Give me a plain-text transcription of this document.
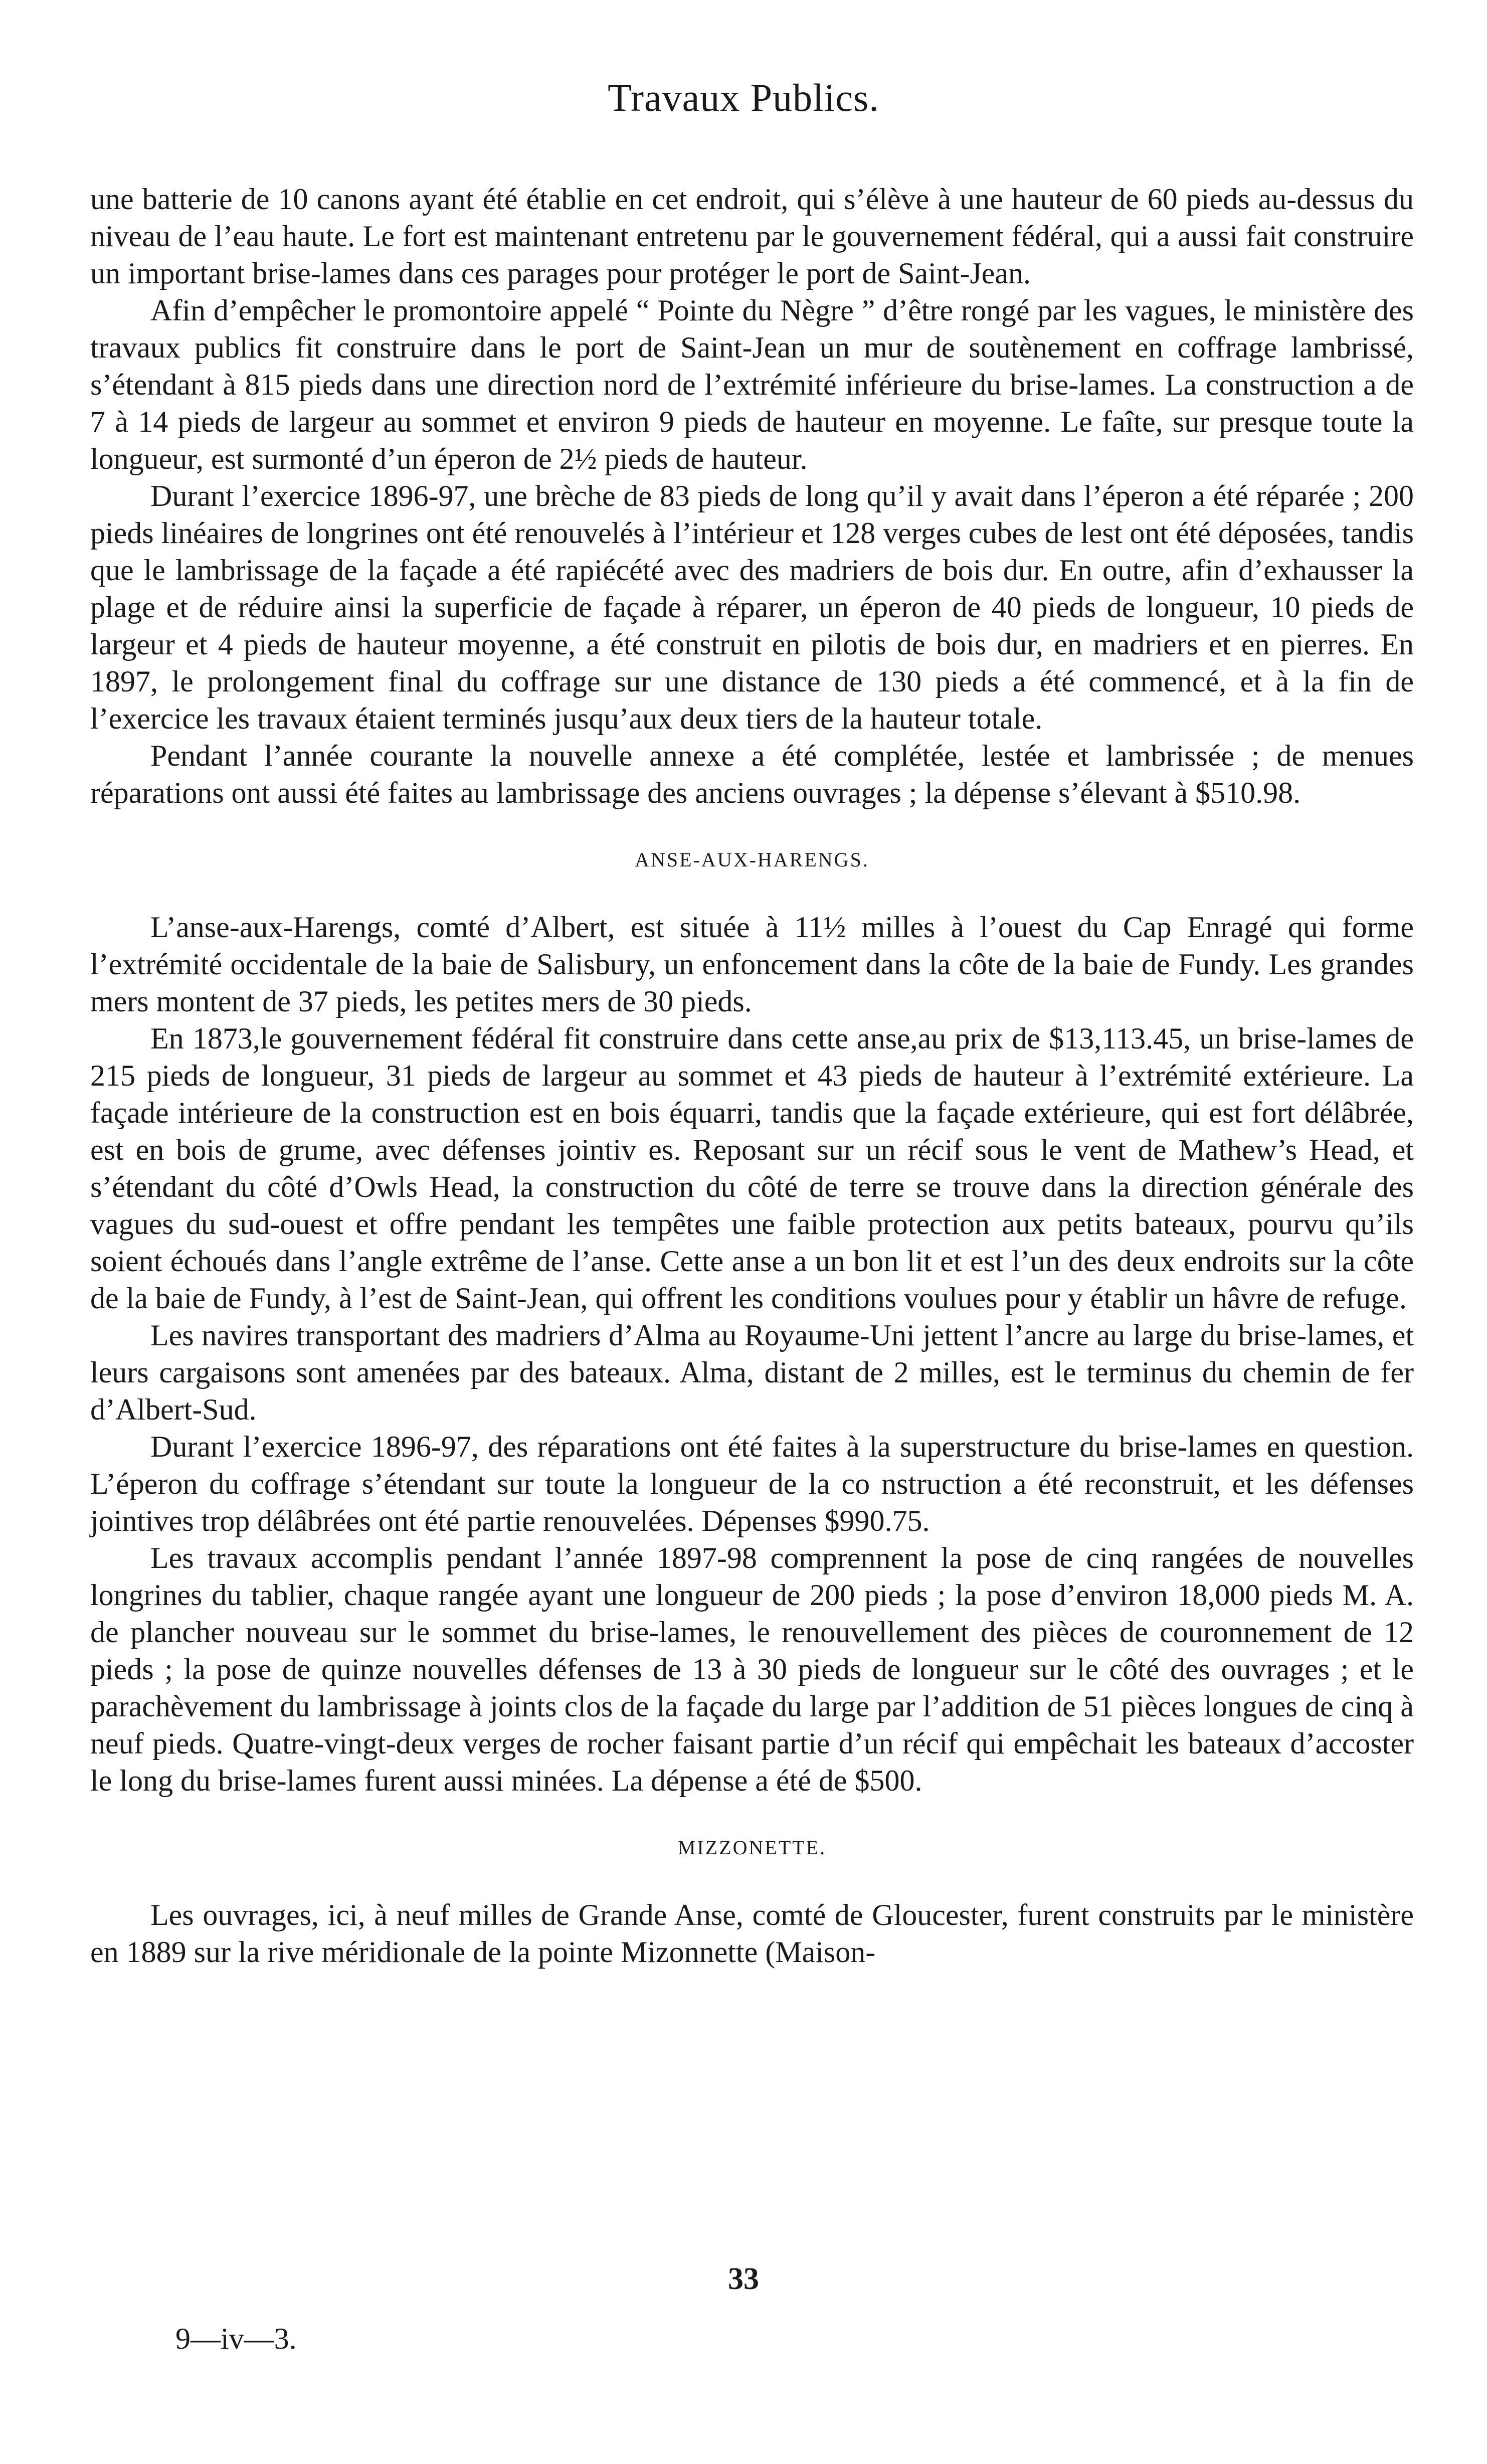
Travaux Publics.

une batterie de 10 canons ayant été établie en cet endroit, qui s’élève à une hauteur de 60 pieds au-dessus du niveau de l’eau haute. Le fort est maintenant entretenu par le gouvernement fédéral, qui a aussi fait construire un important brise-lames dans ces parages pour protéger le port de Saint-Jean.

Afin d’empêcher le promontoire appelé “ Pointe du Nègre ” d’être rongé par les vagues, le ministère des travaux publics fit construire dans le port de Saint-Jean un mur de soutènement en coffrage lambrissé, s’étendant à 815 pieds dans une direction nord de l’extrémité inférieure du brise-lames. La construction a de 7 à 14 pieds de largeur au sommet et environ 9 pieds de hauteur en moyenne. Le faîte, sur presque toute la longueur, est surmonté d’un éperon de 2½ pieds de hauteur.

Durant l’exercice 1896-97, une brèche de 83 pieds de long qu’il y avait dans l’éperon a été réparée ; 200 pieds linéaires de longrines ont été renouvelés à l’intérieur et 128 verges cubes de lest ont été déposées, tandis que le lambrissage de la façade a été rapiécété avec des madriers de bois dur. En outre, afin d’exhausser la plage et de réduire ainsi la superficie de façade à réparer, un éperon de 40 pieds de longueur, 10 pieds de largeur et 4 pieds de hauteur moyenne, a été construit en pilotis de bois dur, en madriers et en pierres. En 1897, le prolongement final du coffrage sur une distance de 130 pieds a été commencé, et à la fin de l’exercice les travaux étaient terminés jusqu’aux deux tiers de la hauteur totale.

Pendant l’année courante la nouvelle annexe a été complétée, lestée et lambrissée ; de menues réparations ont aussi été faites au lambrissage des anciens ouvrages ; la dépense s’élevant à $510.98.

ANSE-AUX-HARENGS.

L’anse-aux-Harengs, comté d’Albert, est située à 11½ milles à l’ouest du Cap Enragé qui forme l’extrémité occidentale de la baie de Salisbury, un enfoncement dans la côte de la baie de Fundy. Les grandes mers montent de 37 pieds, les petites mers de 30 pieds.

En 1873,le gouvernement fédéral fit construire dans cette anse,au prix de $13,113.45, un brise-lames de 215 pieds de longueur, 31 pieds de largeur au sommet et 43 pieds de hauteur à l’extrémité extérieure. La façade intérieure de la construction est en bois équarri, tandis que la façade extérieure, qui est fort délâbrée, est en bois de grume, avec défenses jointiv es. Reposant sur un récif sous le vent de Mathew’s Head, et s’étendant du côté d’Owls Head, la construction du côté de terre se trouve dans la direction générale des vagues du sud-ouest et offre pendant les tempêtes une faible protection aux petits bateaux, pourvu qu’ils soient échoués dans l’angle extrême de l’anse. Cette anse a un bon lit et est l’un des deux endroits sur la côte de la baie de Fundy, à l’est de Saint-Jean, qui offrent les conditions voulues pour y établir un hâvre de refuge.

Les navires transportant des madriers d’Alma au Royaume-Uni jettent l’ancre au large du brise-lames, et leurs cargaisons sont amenées par des bateaux. Alma, distant de 2 milles, est le terminus du chemin de fer d’Albert-Sud.

Durant l’exercice 1896-97, des réparations ont été faites à la superstructure du brise-lames en question. L’éperon du coffrage s’étendant sur toute la longueur de la co nstruction a été reconstruit, et les défenses jointives trop délâbrées ont été partie renouvelées. Dépenses $990.75.

Les travaux accomplis pendant l’année 1897-98 comprennent la pose de cinq rangées de nouvelles longrines du tablier, chaque rangée ayant une longueur de 200 pieds ; la pose d’environ 18,000 pieds M. A. de plancher nouveau sur le sommet du brise-lames, le renouvellement des pièces de couronnement de 12 pieds ; la pose de quinze nouvelles défenses de 13 à 30 pieds de longueur sur le côté des ouvrages ; et le parachèvement du lambrissage à joints clos de la façade du large par l’addition de 51 pièces longues de cinq à neuf pieds. Quatre-vingt-deux verges de rocher faisant partie d’un récif qui empêchait les bateaux d’accoster le long du brise-lames furent aussi minées. La dépense a été de $500.

MIZZONETTE.

Les ouvrages, ici, à neuf milles de Grande Anse, comté de Gloucester, furent construits par le ministère en 1889 sur la rive méridionale de la pointe Mizonnette (Maison-

33
9—iv—3.
